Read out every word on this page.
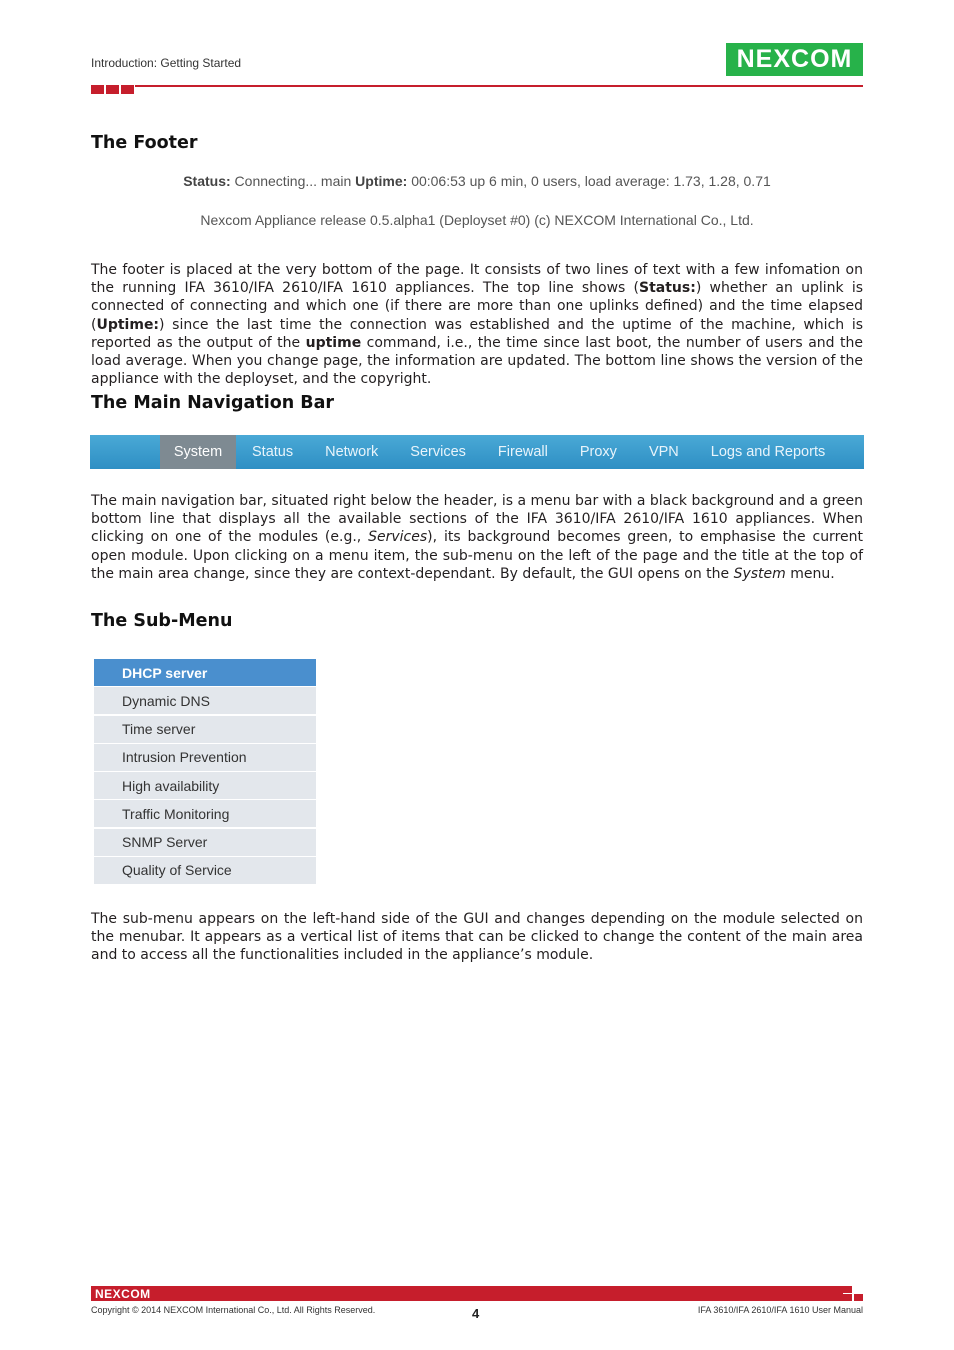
Introduction: Getting Started	NEXCOM
The Footer
Status: Connecting... main Uptime: 00:06:53 up 6 min, 0 users, load average: 1.73, 1.28, 0.71
Nexcom Appliance release 0.5.alpha1 (Deployset #0) (c) NEXCOM International Co., Ltd.

The footer is placed at the very bottom of the page. It consists of two lines of text with a few infomation on the running IFA 3610/IFA 2610/IFA 1610 appliances. The top line shows (Status:) whether an uplink is connected of connecting and which one (if there are more than one uplinks defined) and the time elapsed (Uptime:) since the last time the connection was established and the uptime of the machine, which is reported as the output of the uptime command, i.e., the time since last boot, the number of users and the load average. When you change page, the information are updated. The bottom line shows the version of the appliance with the deployset, and the copyright.

The Main Navigation Bar
System	Status	Network	Services	Firewall	Proxy	VPN	Logs and Reports

The main navigation bar, situated right below the header, is a menu bar with a black background and a green bottom line that displays all the available sections of the IFA 3610/IFA 2610/IFA 1610 appliances. When clicking on one of the modules (e.g., Services), its background becomes green, to emphasise the current open module. Upon clicking on a menu item, the sub-menu on the left of the page and the title at the top of the main area change, since they are context-dependant. By default, the GUI opens on the System menu.

The Sub-Menu
DHCP server
Dynamic DNS
Time server
Intrusion Prevention
High availability
Traffic Monitoring
SNMP Server
Quality of Service

The sub-menu appears on the left-hand side of the GUI and changes depending on the module selected on the menubar. It appears as a vertical list of items that can be clicked to change the content of the main area and to access all the functionalities included in the appliance’s module.

NEXCOM
Copyright © 2014 NEXCOM International Co., Ltd. All Rights Reserved.	4	IFA 3610/IFA 2610/IFA 1610 User Manual
